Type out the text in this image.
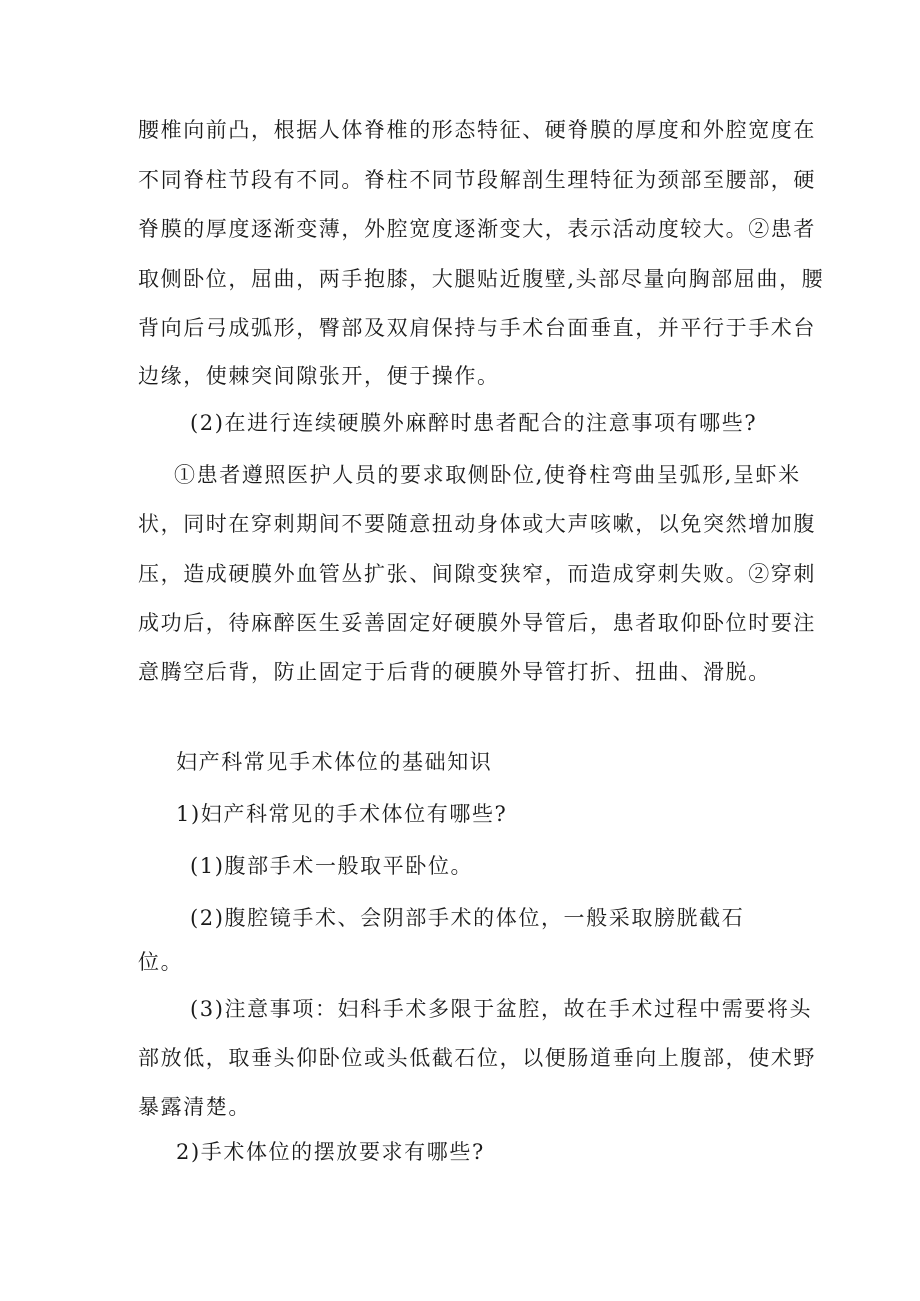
腰椎向前凸，根据人体脊椎的形态特征、硬脊膜的厚度和外腔宽度在
不同脊柱节段有不同。脊柱不同节段解剖生理特征为颈部至腰部，硬
脊膜的厚度逐渐变薄，外腔宽度逐渐变大，表示活动度较大。②患者
取侧卧位，屈曲，两手抱膝，大腿贴近腹壁,头部尽量向胸部屈曲，腰
背向后弓成弧形，臀部及双肩保持与手术台面垂直，并平行于手术台
边缘，使棘突间隙张开，便于操作。
(2)在进行连续硬膜外麻醉时患者配合的注意事项有哪些?
①患者遵照医护人员的要求取侧卧位,使脊柱弯曲呈弧形,呈虾米
状，同时在穿刺期间不要随意扭动身体或大声咳嗽，以免突然增加腹
压，造成硬膜外血管丛扩张、间隙变狭窄，而造成穿刺失败。②穿刺
成功后，待麻醉医生妥善固定好硬膜外导管后，患者取仰卧位时要注
意腾空后背，防止固定于后背的硬膜外导管打折、扭曲、滑脱。
妇产科常见手术体位的基础知识
1)妇产科常见的手术体位有哪些?
(1)腹部手术一般取平卧位。
(2)腹腔镜手术、会阴部手术的体位，一般采取膀胱截石
位。
(3)注意事项：妇科手术多限于盆腔，故在手术过程中需要将头
部放低，取垂头仰卧位或头低截石位，以便肠道垂向上腹部，使术野
暴露清楚。
2)手术体位的摆放要求有哪些?
